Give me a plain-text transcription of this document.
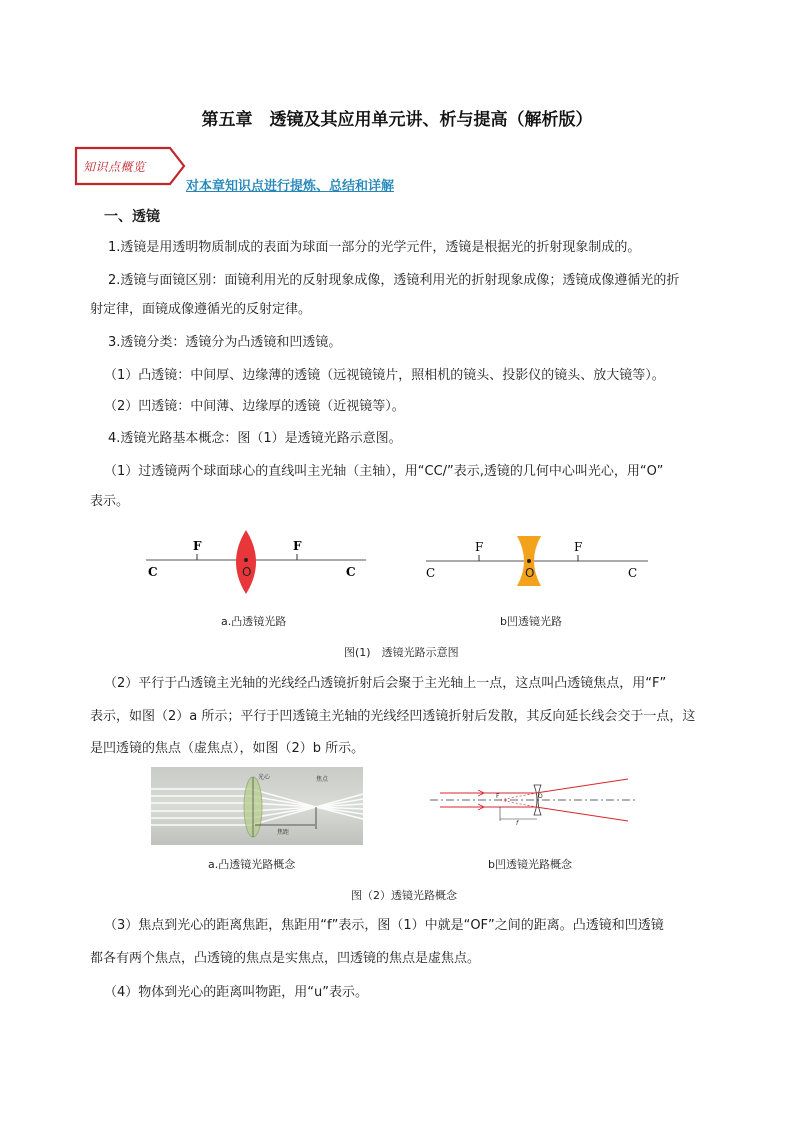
第五章　透镜及其应用单元讲、析与提高（解析版）
知识点概览
对本章知识点进行提炼、总结和详解
一、透镜

1.透镜是用透明物质制成的表面为球面一部分的光学元件，透镜是根据光的折射现象制成的。

2.透镜与面镜区别：面镜利用光的反射现象成像，透镜利用光的折射现象成像；透镜成像遵循光的折

射定律，面镜成像遵循光的反射定律。

3.透镜分类：透镜分为凸透镜和凹透镜。

（1）凸透镜：中间厚、边缘薄的透镜（远视镜镜片，照相机的镜头、投影仪的镜头、放大镜等）。

（2）凹透镜：中间薄、边缘厚的透镜（近视镜等）。

4.透镜光路基本概念：图（1）是透镜光路示意图。

（1）过透镜两个球面球心的直线叫主光轴（主轴），用“CC/”表示,透镜的几何中心叫光心，用“O”

表示。

C
F
O
F
C
a.凸透镜光路
C
F
O
F
C
b凹透镜光路
图(1)　透镜光路示意图

（2）平行于凸透镜主光轴的光线经凸透镜折射后会聚于主光轴上一点，这点叫凸透镜焦点，用“F”

表示，如图（2）a 所示；平行于凹透镜主光轴的光线经凹透镜折射后发散，其反向延长线会交于一点，这

是凹透镜的焦点（虚焦点），如图（2）b 所示。

光心	焦点
焦距
a.凸透镜光路概念
F	O
f
b凹透镜光路概念
图（2）透镜光路概念

（3）焦点到光心的距离焦距，焦距用“f”表示，图（1）中就是“OF”之间的距离。凸透镜和凹透镜

都各有两个焦点，凸透镜的焦点是实焦点，凹透镜的焦点是虚焦点。

（4）物体到光心的距离叫物距，用“u”表示。
